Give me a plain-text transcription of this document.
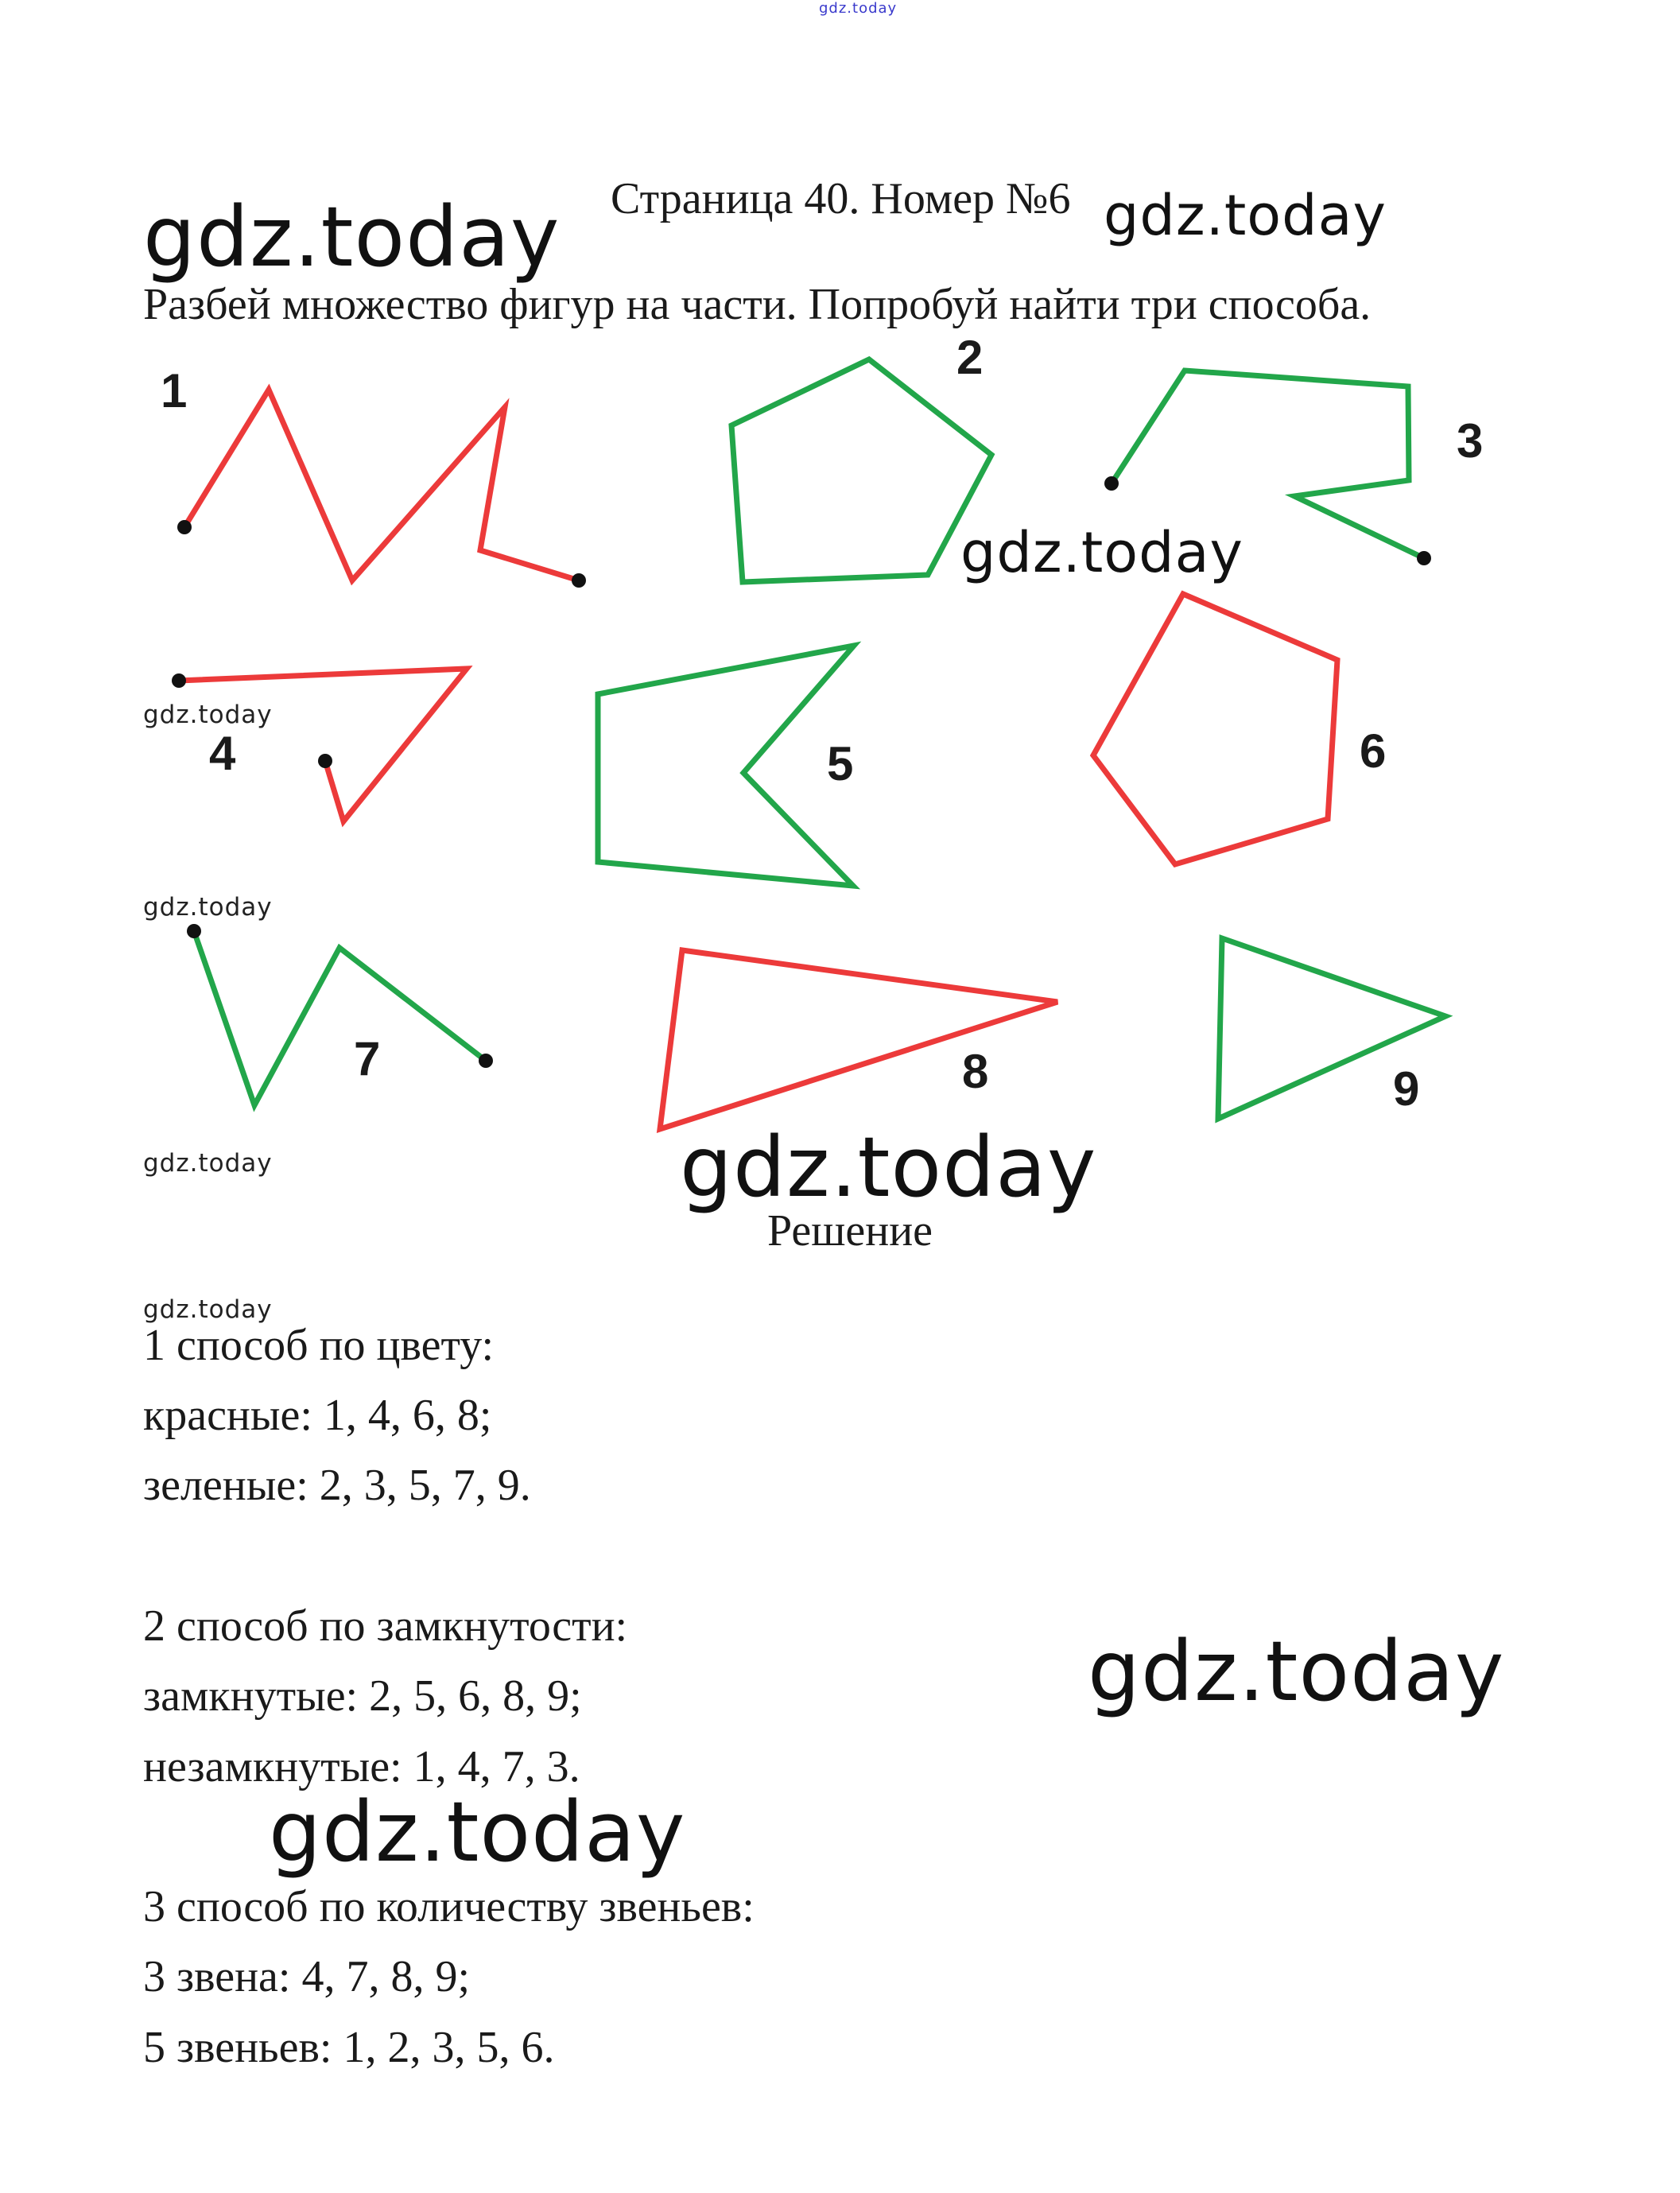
gdz.today
Страница 40. Номер №6 gdz.today
gdz.today
Разбей множество фигур на части. Попробуй найти три способа.
1
2
3
4	5	6
7	8	9
gdz.today
gdz.today
gdz.today
gdz.today	gdz.today
Решение
gdz.today
1 способ по цвету:
красные: 1, 4, 6, 8;
зеленые: 2, 3, 5, 7, 9.
2 способ по замкнутости:
замкнутые: 2, 5, 6, 8, 9;
незамкнутые: 1, 4, 7, 3.
gdz.today
gdz.today
3 способ по количеству звеньев:
3 звена: 4, 7, 8, 9;
5 звеньев: 1, 2, 3, 5, 6.
